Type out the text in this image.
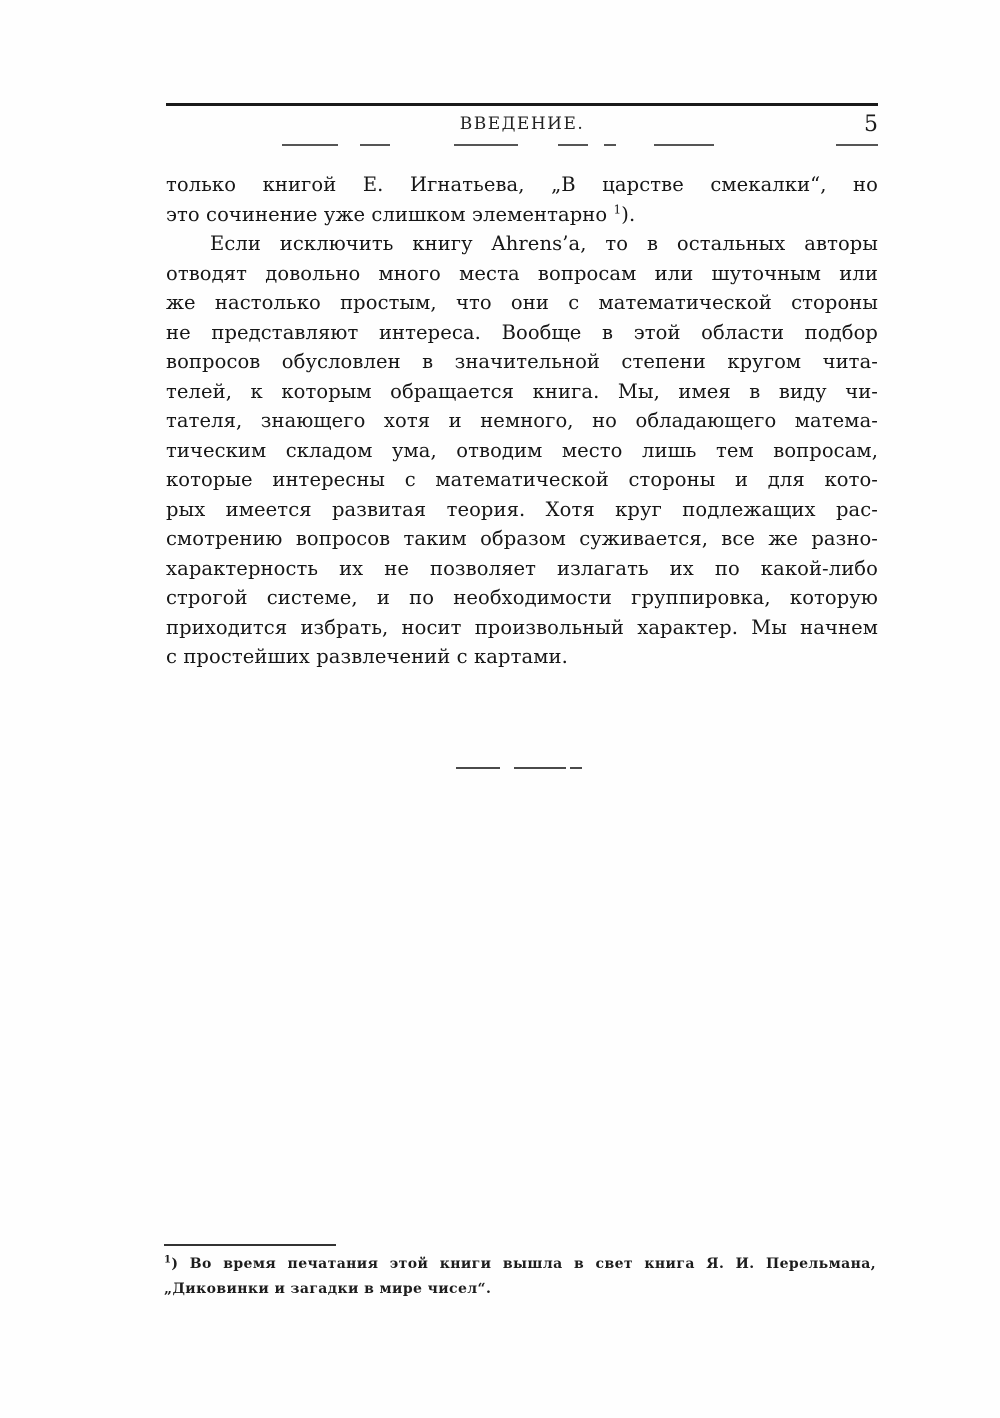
ВВЕДЕНИЕ.	5

только книгой Е. Игнатьева, „В царстве смекалки“, но
это сочинение уже слишком элементарно $^1$).

Если исключить книгу Ahrens’a, то в остальных авторы
отводят довольно много места вопросам или шуточным или
же настолько простым, что они с математической стороны
не представляют интереса. Вообще в этой области подбор
вопросов обусловлен в значительной степени кругом чита-
телей, к которым обращается книга. Мы, имея в виду чи-
тателя, знающего хотя и немного, но обладающего матема-
тическим складом ума, отводим место лишь тем вопросам,
которые интересны с математической стороны и для кото-
рых имеется развитая теория. Хотя круг подлежащих рас-
смотрению вопросов таким образом суживается, все же разно-
характерность их не позволяет излагать их по какой-либо
строгой системе, и по необходимости группировка, которую
приходится избрать, носит произвольный характер. Мы начнем
с простейших развлечений с картами.

$^1$) Во время печатания этой книги вышла в свет книга Я. И. Перельмана,
„Диковинки и загадки в мире чисел“.
